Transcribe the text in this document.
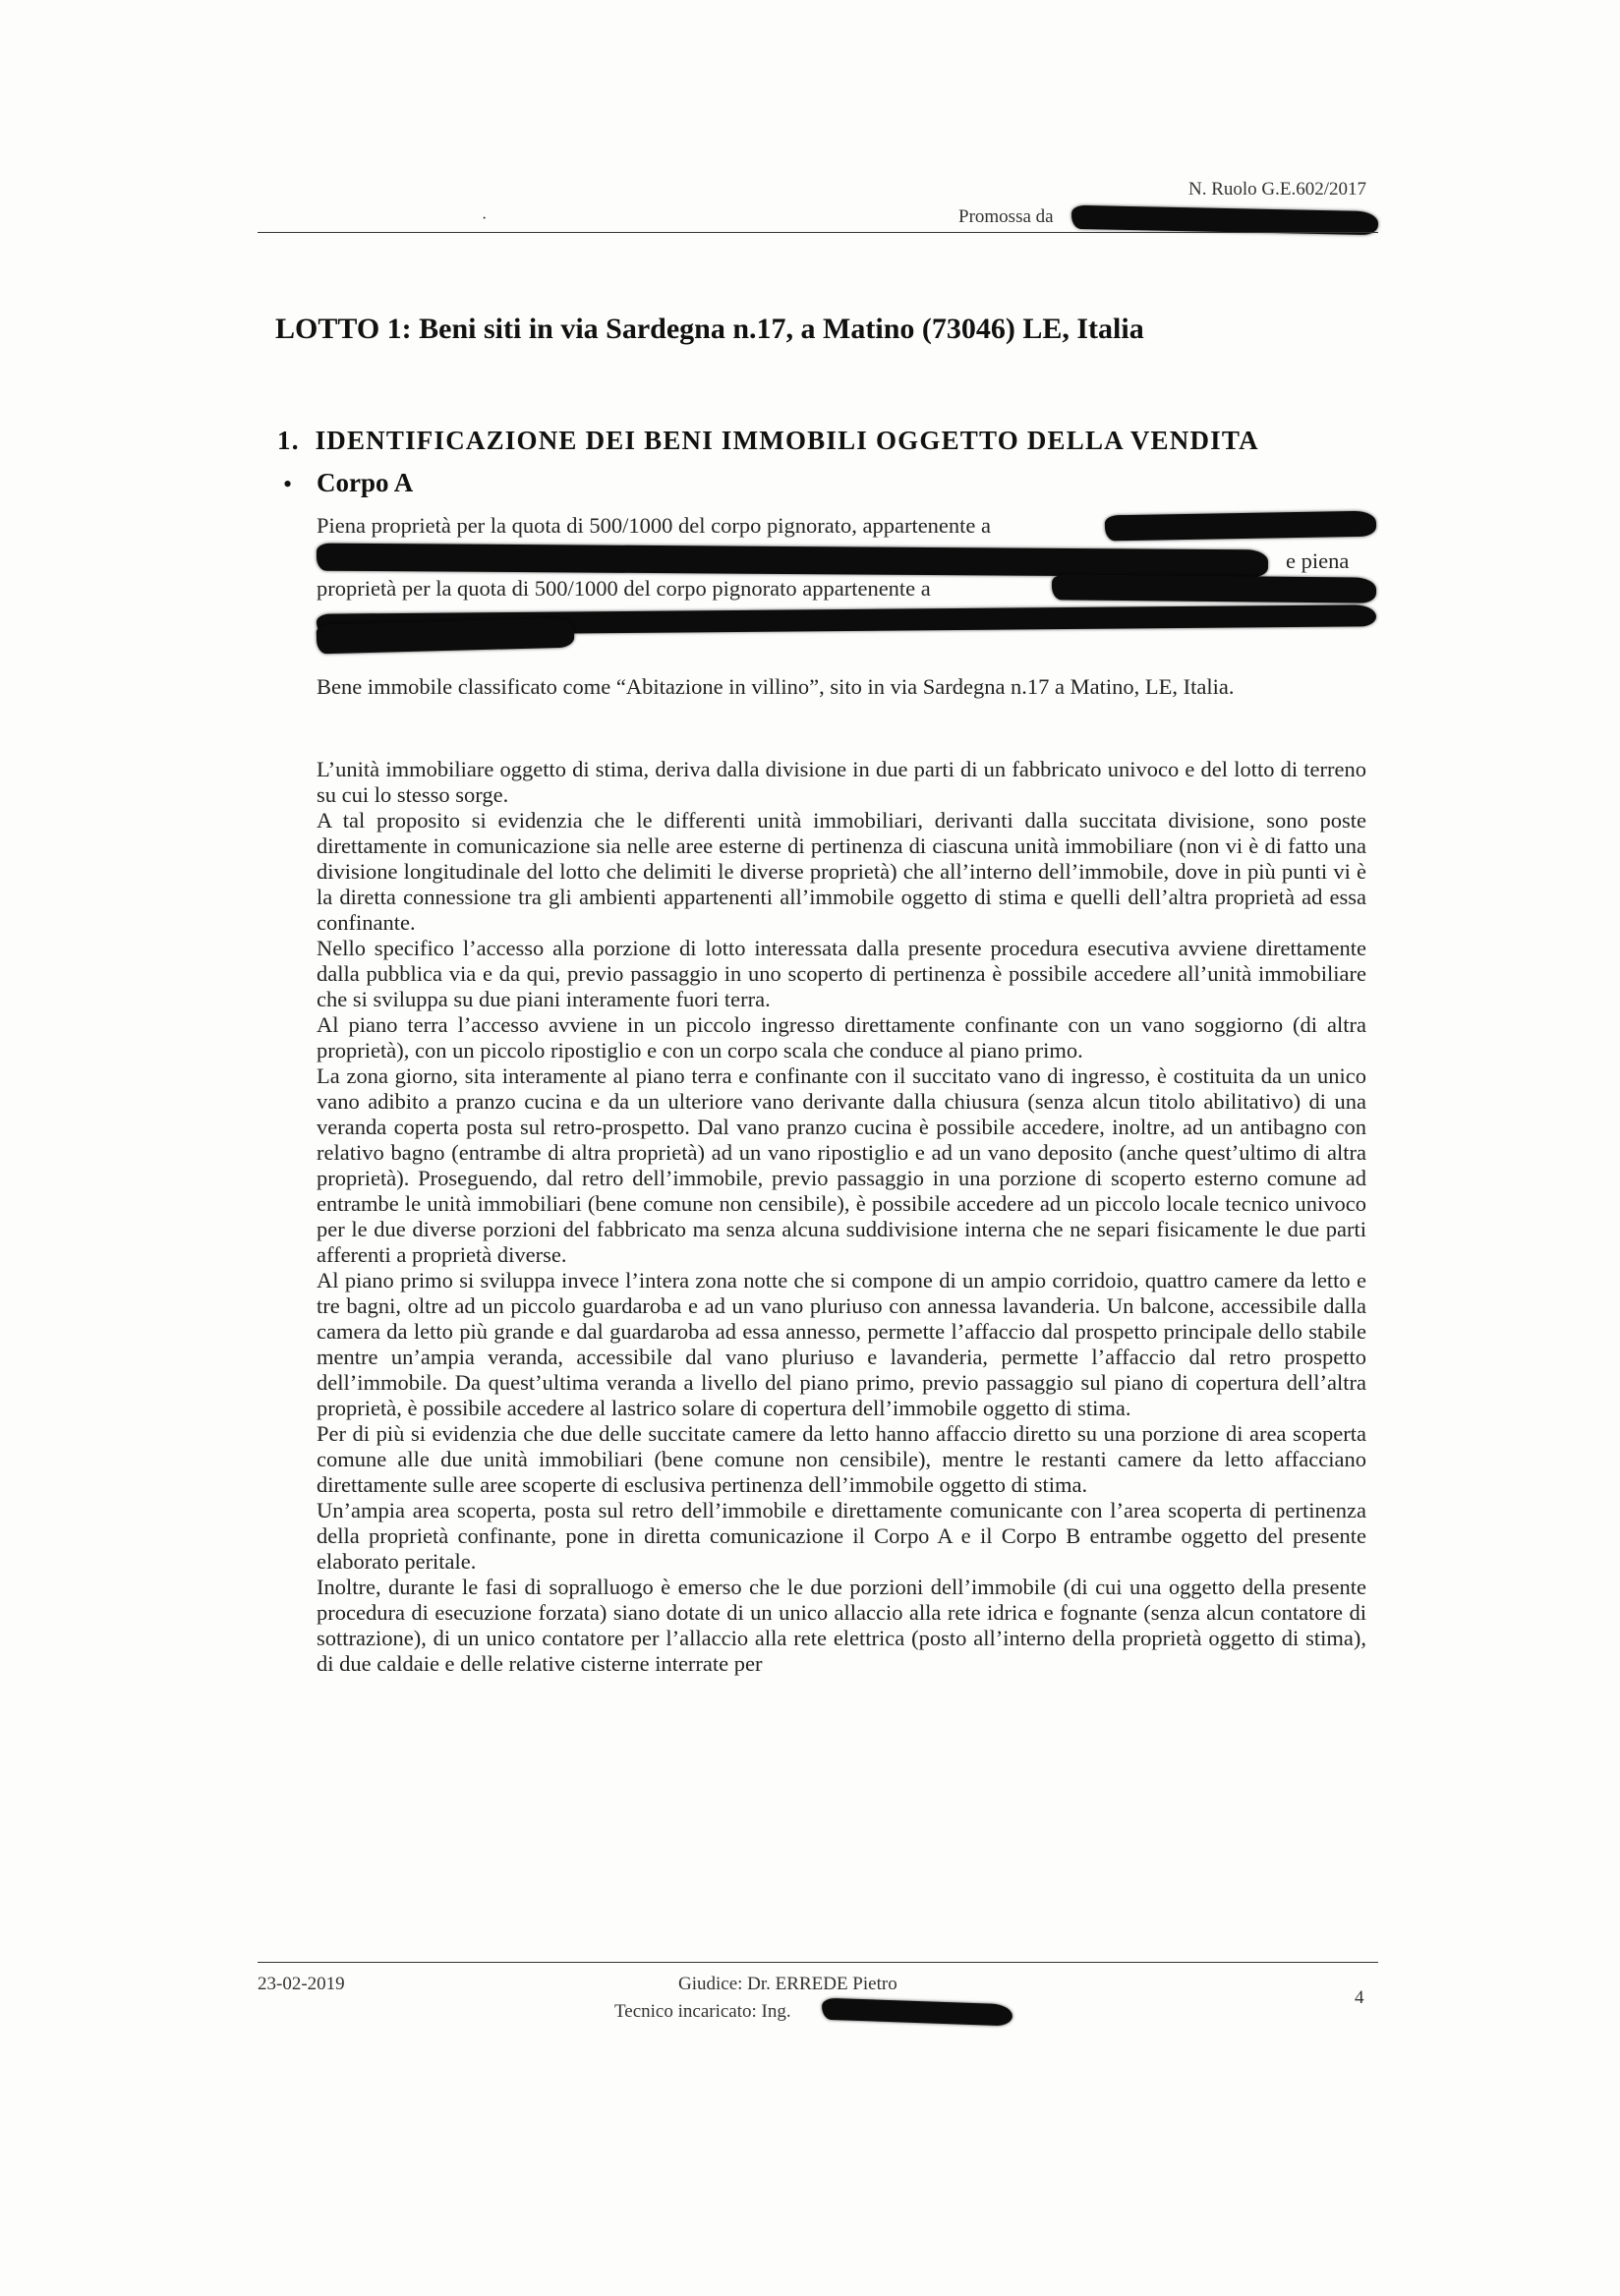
N. Ruolo G.E.602/2017
Promossa da
·
LOTTO 1: Beni siti in via Sardegna n.17, a Matino (73046) LE, Italia
1. IDENTIFICAZIONE DEI BENI IMMOBILI OGGETTO DELLA VENDITA
• Corpo A
Piena proprietà per la quota di 500/1000 del corpo pignorato, appartenente a
e piena
proprietà per la quota di 500/1000 del corpo pignorato appartenente a

Bene immobile classificato come “Abitazione in villino”, sito in via Sardegna n.17 a Matino, LE, Italia.

L’unità immobiliare oggetto di stima, deriva dalla divisione in due parti di un fabbricato univoco e del lotto di terreno su cui lo stesso sorge.

A tal proposito si evidenzia che le differenti unità immobiliari, derivanti dalla succitata divisione, sono poste direttamente in comunicazione sia nelle aree esterne di pertinenza di ciascuna unità immobiliare (non vi è di fatto una divisione longitudinale del lotto che delimiti le diverse proprietà) che all’interno dell’immobile, dove in più punti vi è la diretta connessione tra gli ambienti appartenenti all’immobile oggetto di stima e quelli dell’altra proprietà ad essa confinante.

Nello specifico l’accesso alla porzione di lotto interessata dalla presente procedura esecutiva avviene direttamente dalla pubblica via e da qui, previo passaggio in uno scoperto di pertinenza è possibile accedere all’unità immobiliare che si sviluppa su due piani interamente fuori terra.

Al piano terra l’accesso avviene in un piccolo ingresso direttamente confinante con un vano soggiorno (di altra proprietà), con un piccolo ripostiglio e con un corpo scala che conduce al piano primo.

La zona giorno, sita interamente al piano terra e confinante con il succitato vano di ingresso, è costituita da un unico vano adibito a pranzo cucina e da un ulteriore vano derivante dalla chiusura (senza alcun titolo abilitativo) di una veranda coperta posta sul retro-prospetto. Dal vano pranzo cucina è possibile accedere, inoltre, ad un antibagno con relativo bagno (entrambe di altra proprietà) ad un vano ripostiglio e ad un vano deposito (anche quest’ultimo di altra proprietà). Proseguendo, dal retro dell’immobile, previo passaggio in una porzione di scoperto esterno comune ad entrambe le unità immobiliari (bene comune non censibile), è possibile accedere ad un piccolo locale tecnico univoco per le due diverse porzioni del fabbricato ma senza alcuna suddivisione interna che ne separi fisicamente le due parti afferenti a proprietà diverse.

Al piano primo si sviluppa invece l’intera zona notte che si compone di un ampio corridoio, quattro camere da letto e tre bagni, oltre ad un piccolo guardaroba e ad un vano pluriuso con annessa lavanderia. Un balcone, accessibile dalla camera da letto più grande e dal guardaroba ad essa annesso, permette l’affaccio dal prospetto principale dello stabile mentre un’ampia veranda, accessibile dal vano pluriuso e lavanderia, permette l’affaccio dal retro prospetto dell’immobile. Da quest’ultima veranda a livello del piano primo, previo passaggio sul piano di copertura dell’altra proprietà, è possibile accedere al lastrico solare di copertura dell’immobile oggetto di stima.

Per di più si evidenzia che due delle succitate camere da letto hanno affaccio diretto su una porzione di area scoperta comune alle due unità immobiliari (bene comune non censibile), mentre le restanti camere da letto affacciano direttamente sulle aree scoperte di esclusiva pertinenza dell’immobile oggetto di stima.

Un’ampia area scoperta, posta sul retro dell’immobile e direttamente comunicante con l’area scoperta di pertinenza della proprietà confinante, pone in diretta comunicazione il Corpo A e il Corpo B entrambe oggetto del presente elaborato peritale.

Inoltre, durante le fasi di sopralluogo è emerso che le due porzioni dell’immobile (di cui una oggetto della presente procedura di esecuzione forzata) siano dotate di un unico allaccio alla rete idrica e fognante (senza alcun contatore di sottrazione), di un unico contatore per l’allaccio alla rete elettrica (posto all’interno della proprietà oggetto di stima), di due caldaie e delle relative cisterne interrate per

23-02-2019	Giudice: Dr. ERREDE Pietro
Tecnico incaricato: Ing.
4
